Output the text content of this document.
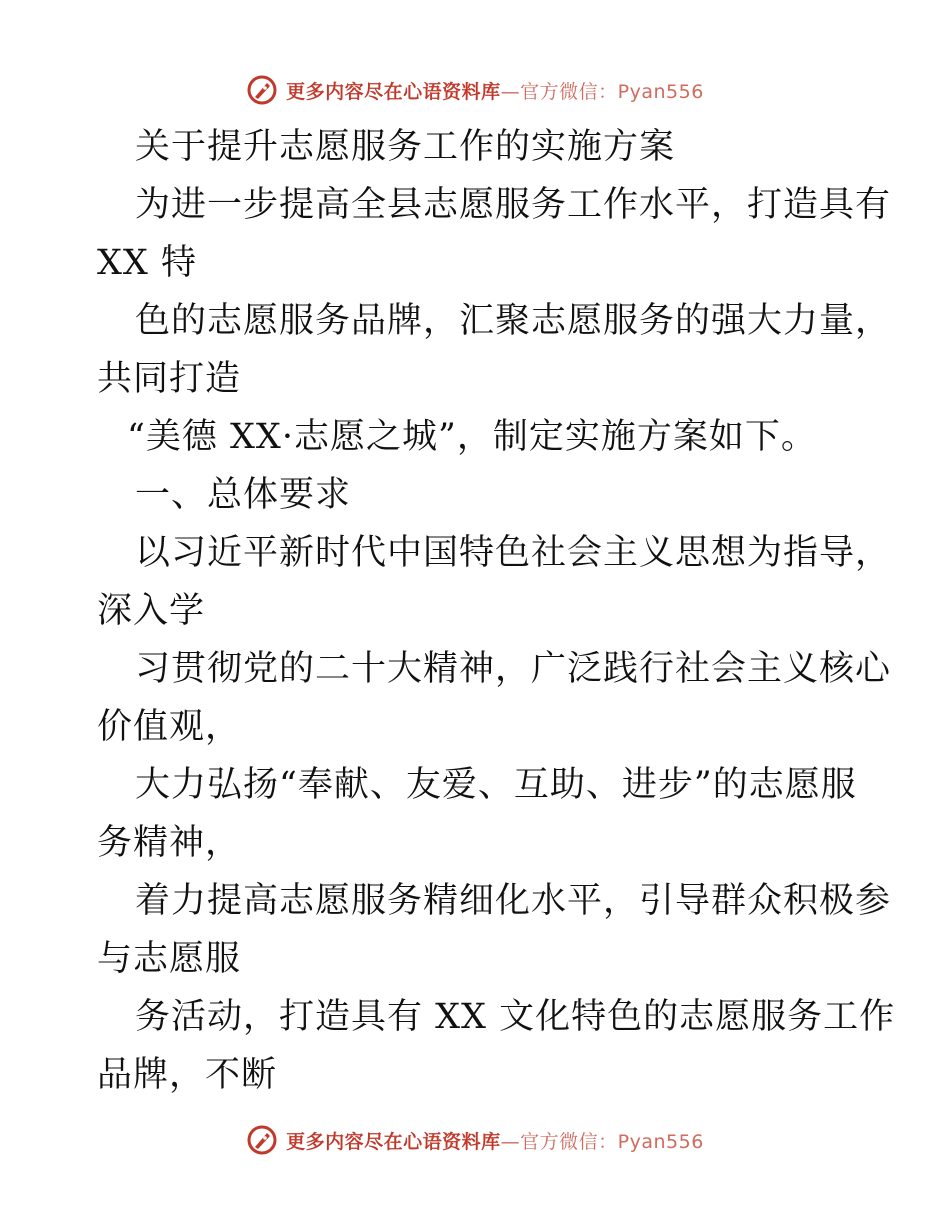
更多内容尽在心语资料库—官方微信：Pyan556
关于提升志愿服务工作的实施方案
为进一步提高全县志愿服务工作水平，打造具有
XX 特
色的志愿服务品牌，汇聚志愿服务的强大力量，
共同打造
“美德 XX·志愿之城”，制定实施方案如下。
一、总体要求
以习近平新时代中国特色社会主义思想为指导，
深入学
习贯彻党的二十大精神，广泛践行社会主义核心
价值观，
大力弘扬“奉献、友爱、互助、进步”的志愿服
务精神，
着力提高志愿服务精细化水平，引导群众积极参
与志愿服
务活动，打造具有 XX 文化特色的志愿服务工作
品牌，不断
更多内容尽在心语资料库—官方微信：Pyan556
